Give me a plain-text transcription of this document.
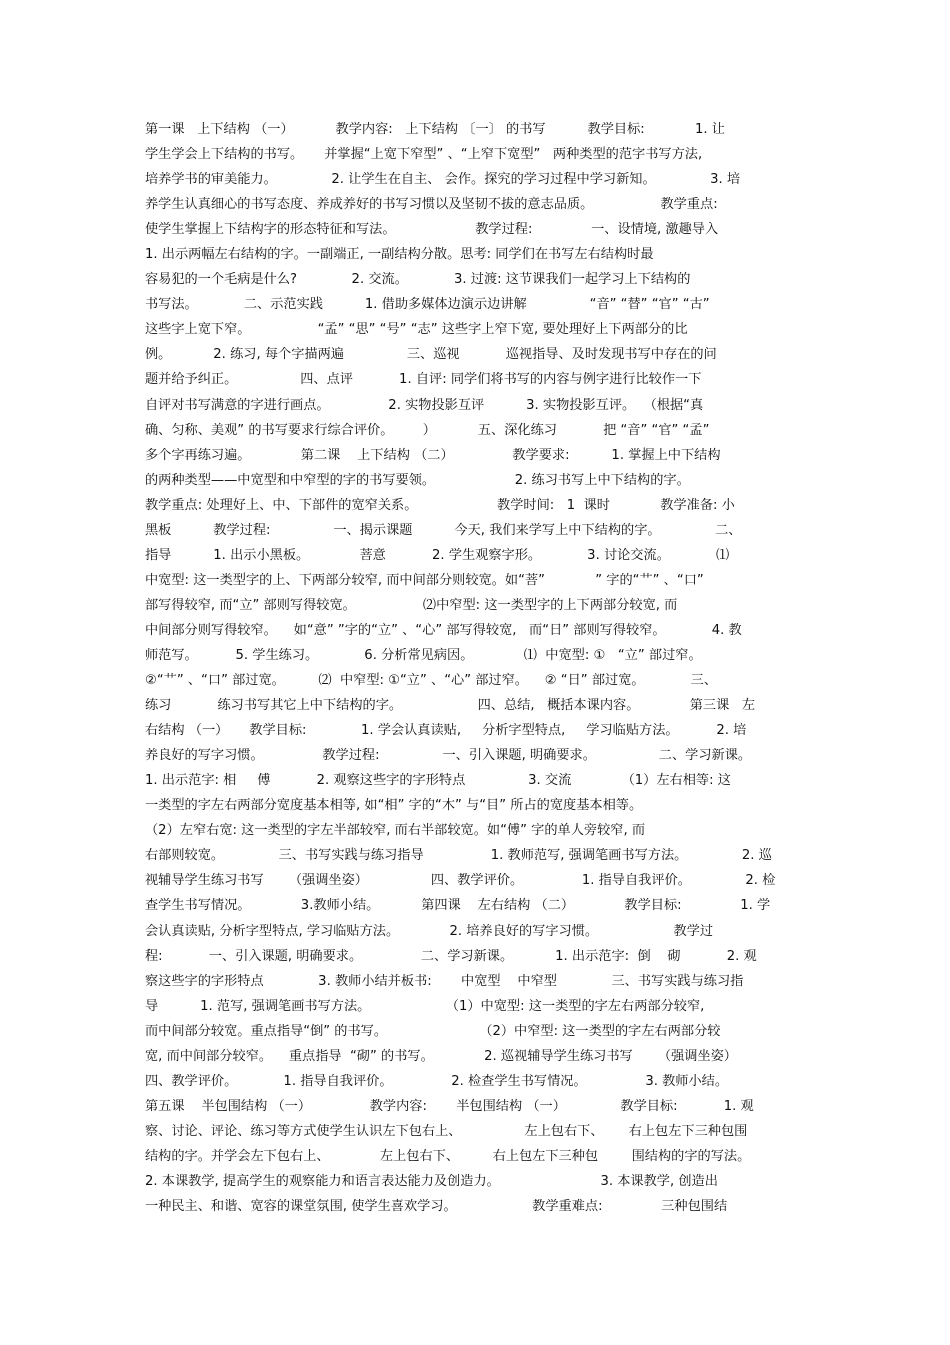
第一课   上下结构 （一）          教学内容:   上下结构 〔一〕 的书写          教学目标:            1. 让
学生学会上下结构的书写。     并掌握“上宽下窄型” 、“上窄下宽型”   两种类型的范字书写方法,
培养学书的审美能力。             2. 让学生在自主、 会作。探究的学习过程中学习新知。             3. 培
养学生认真细心的书写态度、养成养好的书写习惯以及坚韧不拔的意志品质。                教学重点:
使学生掌握上下结构字的形态特征和写法。                   教学过程:              一、设情境, 激趣导入
1. 出示两幅左右结构的字。一副端正, 一副结构分散。思考: 同学们在书写左右结构时最
容易犯的一个毛病是什么?             2. 交流。           3. 过渡: 这节课我们一起学习上下结构的
书写法。           二、示范实践          1. 借助多媒体边演示边讲解               “音” “替” “官” “古”
这些字上宽下窄。                “孟” “思” “号” “志” 这些字上窄下宽, 要处理好上下两部分的比
例。          2. 练习, 每个字描两遍               三、巡视           巡视指导、及时发现书写中存在的问
题并给予纠正。               四、点评           1. 自评: 同学们将书写的内容与例字进行比较作一下
自评对书写满意的字进行画点。              2. 实物投影互评          3. 实物投影互评。  （根据“真
确、匀称、美观” 的书写要求行综合评价。       ）          五、深化练习           把 “音” “官” “孟”
多个字再练习遍。            第二课    上下结构 （二）              教学要求:          1. 掌握上中下结构
的两种类型——中宽型和中窄型的字的书写要领。                   2. 练习书写上中下结构的字。
教学重点: 处理好上、中、下部件的宽窄关系。                   教学时间:   1  课时            教学准备: 小
黑板          教学过程:               一、揭示课题          今天, 我们来学写上中下结构的字。             二、
指导          1. 出示小黑板。            菩意           2. 学生观察字形。           3. 讨论交流。           ⑴
中宽型: 这一类型字的上、下两部分较窄, 而中间部分则较宽。如“菩”            ” 字的“艹” 、“口”
部写得较窄, 而“立” 部则写得较宽。                ⑵中窄型: 这一类型字的上下两部分较宽, 而
中间部分则写得较窄。    如“意” ”字的“立” 、“心” 部写得较宽,   而“日” 部则写得较窄。           4. 教
师范写。         5. 学生练习。           6. 分析常见病因。            ⑴  中宽型: ①   “立” 部过窄。
②“艹” 、“口” 部过宽。        ⑵  中窄型: ①“立” 、“心” 部过窄。    ② “日” 部过宽。           三、
练习           练习书写其它上中下结构的字。                  四、总结,   概括本课内容。            第三课   左
右结构 （一）     教学目标:             1. 学会认真读贴,     分析字型特点,     学习临贴方法。         2. 培
养良好的写字习惯。              教学过程:               一、引入课题, 明确要求。               二、学习新课。
1. 出示范字: 相     傅           2. 观察这些字的字形特点               3. 交流            （1）左右相等: 这
一类型的字左右两部分宽度基本相等, 如“相” 字的“木” 与“目” 所占的宽度基本相等。
（2）左窄右宽: 这一类型的字左半部较窄, 而右半部较宽。如“傅” 字的单人旁较窄, 而
右部则较宽。             三、书写实践与练习指导                1. 教师范写, 强调笔画书写方法。             2. 巡
视辅导学生练习书写      （强调坐姿）               四、教学评价。              1. 指导自我评价。             2. 检
查学生书写情况。            3.教师小结。          第四课    左右结构 （二）            教学目标:              1. 学
会认真读贴, 分析字型特点, 学习临贴方法。            2. 培养良好的写字习惯。                  教学过
程:           一、引入课题, 明确要求。              二、学习新课。          1. 出示范字:  倒    砌           2. 观
察这些字的字形特点             3. 教师小结并板书:       中宽型    中窄型             三、书写实践与练习指
导          1. 范写, 强调笔画书写方法。                  （1）中宽型: 这一类型的字左右两部分较窄,
而中间部分较宽。重点指导“倒” 的书写。                      （2）中窄型: 这一类型的字左右两部分较
宽, 而中间部分较窄。    重点指导  “砌” 的书写。            2. 巡视辅导学生练习书写      （强调坐姿）
四、教学评价。           1. 指导自我评价。              2. 检查学生书写情况。              3. 教师小结。
第五课    半包围结构 （一）              教学内容:       半包围结构 （一）             教学目标:           1. 观
察、讨论、评论、练习等方式使学生认识左下包右上、               左上包右下、      右上包左下三种包围
结构的字。并学会左下包右上、            左上包右下、        右上包左下三种包        围结构的字的写法。
2. 本课教学, 提高学生的观察能力和语言表达能力及创造力。                        3. 本课教学, 创造出
一种民主、和谐、宽容的课堂氛围, 使学生喜欢学习。                  教学重难点:              三种包围结
